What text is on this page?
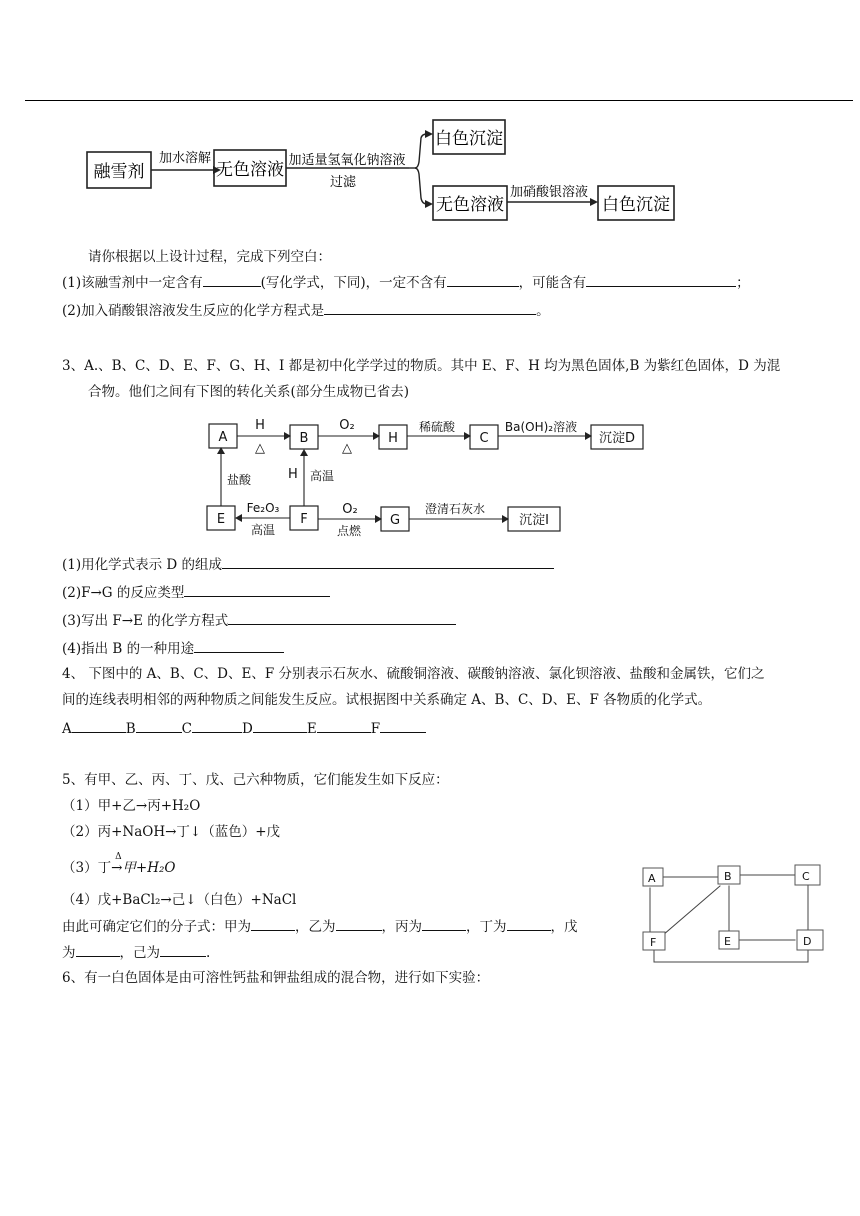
融雪剂
加水溶解
无色溶液 加适量氢氧化钠溶液
过滤
白色沉淀
无色溶液
加硝酸银溶液
白色沉淀
请你根据以上设计过程，完成下列空白：
(1)该融雪剂中一定含有	(写化学式，下同)，一定不含有	，可能含有	；
(2)加入硝酸银溶液发生反应的化学方程式是	。
3、A.、B、C、D、E、F、G、H、I 都是初中化学学过的物质。其中 E、F、H 均为黑色固体,B 为紫红色固体，D 为混
合物。他们之间有下图的转化关系(部分生成物已省去)
A	B	H	C	沉淀D
E	F	G	沉淀I
H
△
O₂
△
稀硫酸	Ba(OH)₂溶液
盐酸	H 高温
Fe₂O₃
高温
O₂
点燃
澄清石灰水
(1)用化学式表示 D 的组成
(2)F→G 的反应类型
(3)写出 F→E 的化学方程式
(4)指出 B 的一种用途
4、 下图中的 A、B、C、D、E、F 分别表示石灰水、硫酸铜溶液、碳酸钠溶液、氯化钡溶液、盐酸和金属铁，它们之
间的连线表明相邻的两种物质之间能发生反应。试根据图中关系确定 A、B、C、D、E、F 各物质的化学式。
A	B	C	D	E	F
5、有甲、乙、丙、丁、戊、己六种物质，它们能发生如下反应：
（1）甲+乙→丙+H₂O
（2）丙+NaOH→丁↓（蓝色）+戊
（3）丁
Δ
→甲+H₂O
（4）戊+BaCl₂→己↓（白色）+NaCl
由此可确定它们的分子式：甲为	，乙为	，丙为	，丁为	，戊
为	，己为	.
A	B	C
F	E	D
6、有一白色固体是由可溶性钙盐和钾盐组成的混合物，进行如下实验：
